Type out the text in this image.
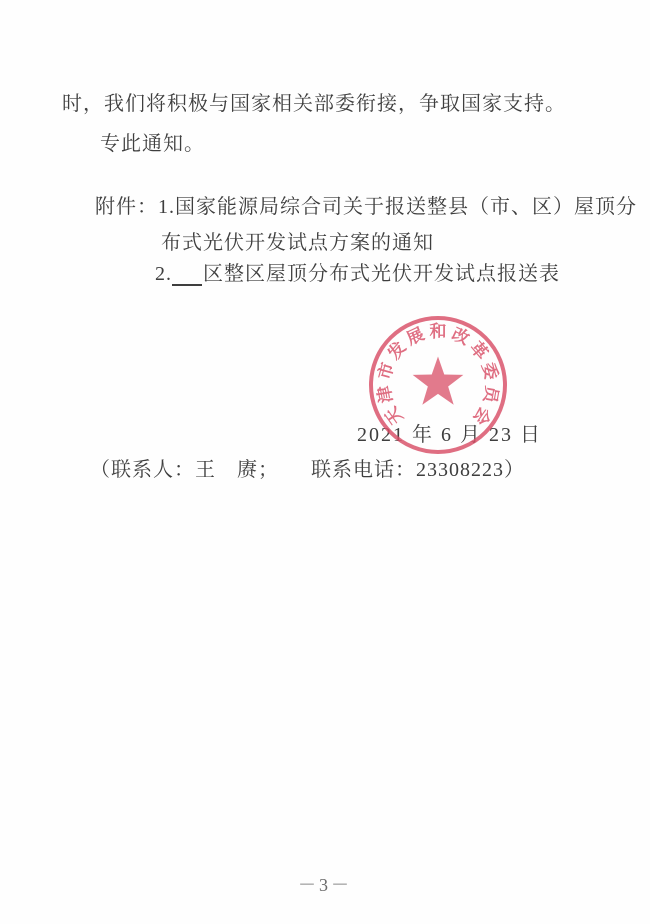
时，我们将积极与国家相关部委衔接，争取国家支持。

专此通知。

附件：1.国家能源局综合司关于报送整县（市、区）屋顶分

布式光伏开发试点方案的通知

2. 区整区屋顶分布式光伏开发试点报送表

天
津
市
发
展 和 改
革
委
员
会

2021 年 6 月 23 日

（联系人：王　赓；　　联系电话：23308223）

－3－
